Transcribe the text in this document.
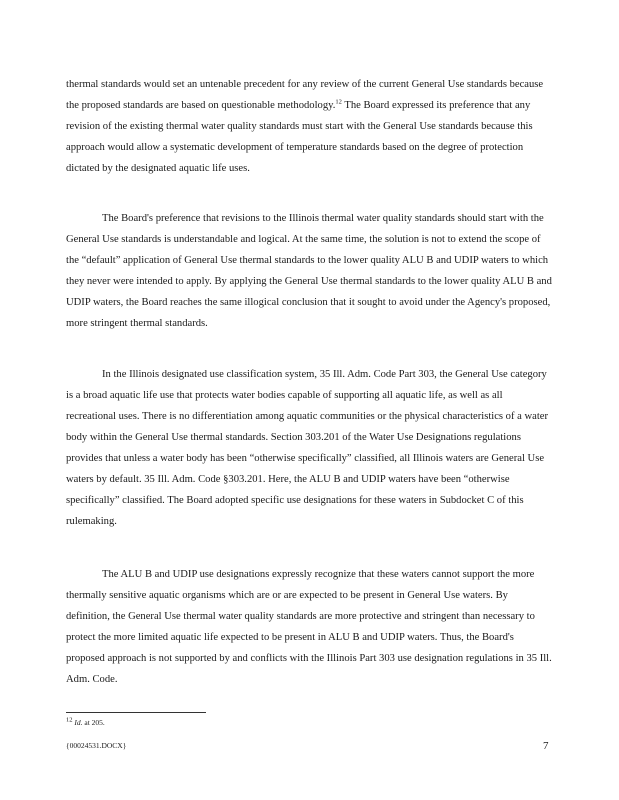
thermal standards would set an untenable precedent for any review of the current General Use standards because the proposed standards are based on questionable methodology.$^{12}$ The Board expressed its preference that any revision of the existing thermal water quality standards must start with the General Use standards because this approach would allow a systematic development of temperature standards based on the degree of protection dictated by the designated aquatic life uses.

The Board's preference that revisions to the Illinois thermal water quality standards should start with the General Use standards is understandable and logical. At the same time, the solution is not to extend the scope of the “default” application of General Use thermal standards to the lower quality ALU B and UDIP waters to which they never were intended to apply. By applying the General Use thermal standards to the lower quality ALU B and UDIP waters, the Board reaches the same illogical conclusion that it sought to avoid under the Agency's proposed, more stringent thermal standards.

In the Illinois designated use classification system, 35 Ill. Adm. Code Part 303, the General Use category is a broad aquatic life use that protects water bodies capable of supporting all aquatic life, as well as all recreational uses. There is no differentiation among aquatic communities or the physical characteristics of a water body within the General Use thermal standards. Section 303.201 of the Water Use Designations regulations provides that unless a water body has been “otherwise specifically” classified, all Illinois waters are General Use waters by default. 35 Ill. Adm. Code §303.201. Here, the ALU B and UDIP waters have been “otherwise specifically” classified. The Board adopted specific use designations for these waters in Subdocket C of this rulemaking.

The ALU B and UDIP use designations expressly recognize that these waters cannot support the more thermally sensitive aquatic organisms which are or are expected to be present in General Use waters. By definition, the General Use thermal water quality standards are more protective and stringent than necessary to protect the more limited aquatic life expected to be present in ALU B and UDIP waters. Thus, the Board's proposed approach is not supported by and conflicts with the Illinois Part 303 use designation regulations in 35 Ill. Adm. Code.

$^{12}$ Id. at 205.
{00024531.DOCX}	7
